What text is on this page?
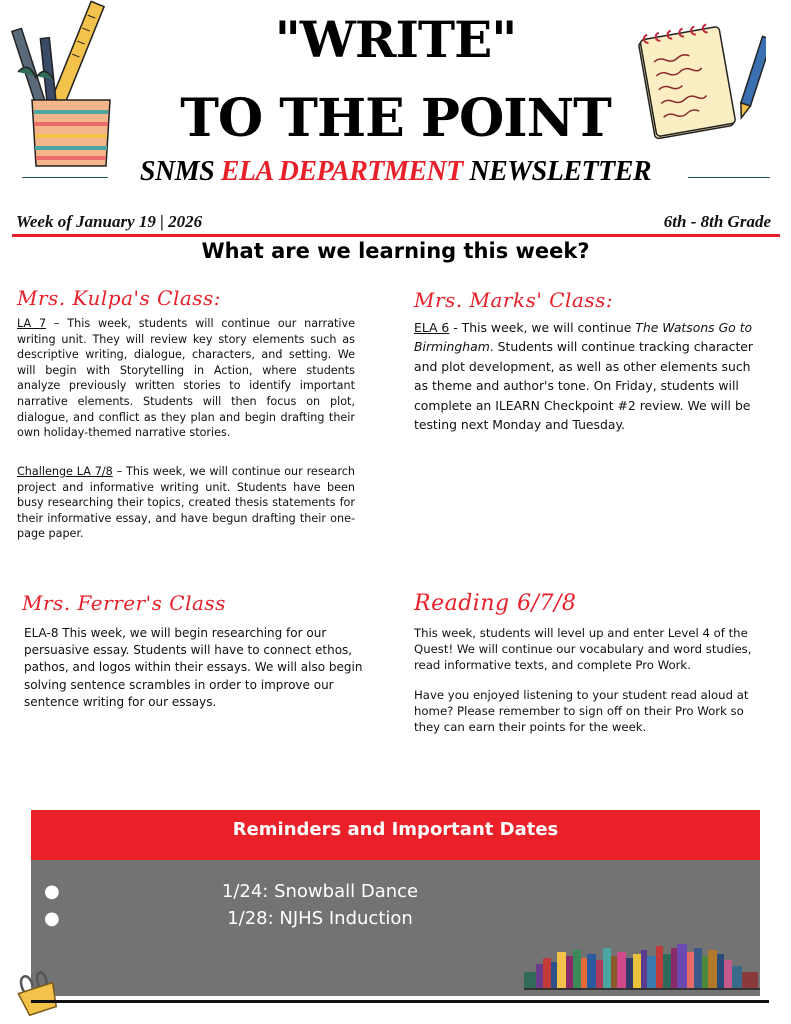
"WRITE"
TO THE POINT
SNMS ELA DEPARTMENT NEWSLETTER
Week of January 19 | 2026	6th - 8th Grade
What are we learning this week?
Mrs. Kulpa's Class:
LA 7 – This week, students will continue our narrative writing unit. They will review key story elements such as descriptive writing, dialogue, characters, and setting. We will begin with Storytelling in Action, where students analyze previously written stories to identify important narrative elements. Students will then focus on plot, dialogue, and conflict as they plan and begin drafting their own holiday-themed narrative stories.
Challenge LA 7/8 – This week, we will continue our research project and informative writing unit. Students have been busy researching their topics, created thesis statements for their informative essay, and have begun drafting their one-page paper.
Mrs. Marks' Class:
ELA 6 - This week, we will continue The Watsons Go to Birmingham. Students will continue tracking character and plot development, as well as other elements such as theme and author's tone. On Friday, students will complete an ILEARN Checkpoint #2 review. We will be testing next Monday and Tuesday.
Mrs. Ferrer's Class
ELA-8 This week, we will begin researching for our persuasive essay. Students will have to connect ethos, pathos, and logos within their essays. We will also begin solving sentence scrambles in order to improve our sentence writing for our essays.
Reading 6/7/8
This week, students will level up and enter Level 4 of the Quest! We will continue our vocabulary and word studies, read informative texts, and complete Pro Work.
Have you enjoyed listening to your student read aloud at home? Please remember to sign off on their Pro Work so they can earn their points for the week.
Reminders and Important Dates
●	1/24: Snowball Dance
●	1/28: NJHS Induction
